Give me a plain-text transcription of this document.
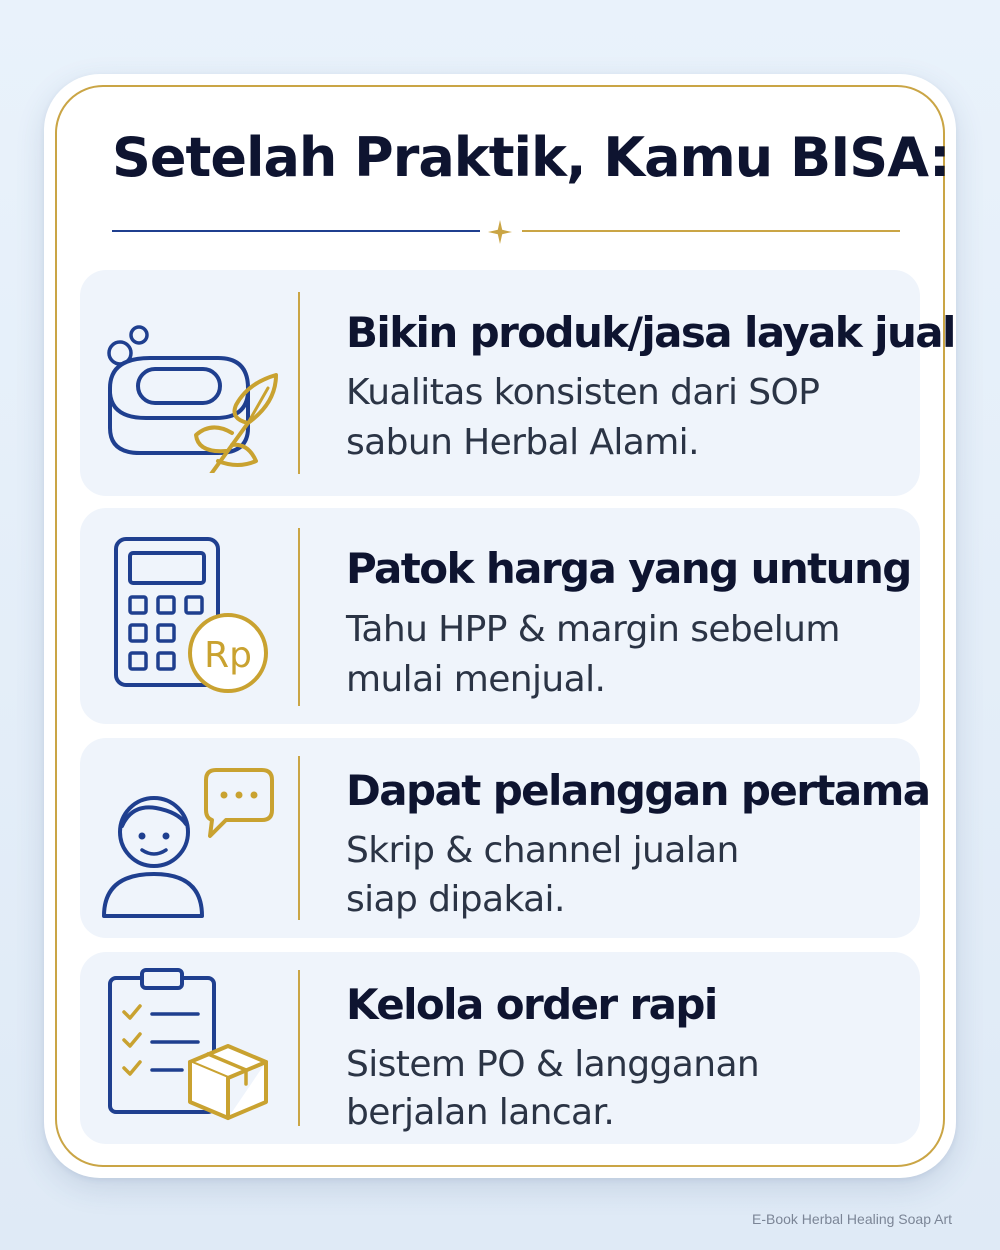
Setelah Praktik, Kamu BISA:
Bikin produk/jasa layak jual
Kualitas konsisten dari SOP
sabun Herbal Alami.
Rp
Patok harga yang untung
Tahu HPP & margin sebelum
mulai menjual.
Dapat pelanggan pertama
Skrip & channel jualan
siap dipakai.
Kelola order rapi
Sistem PO & langganan
berjalan lancar.
E-Book Herbal Healing Soap Art
